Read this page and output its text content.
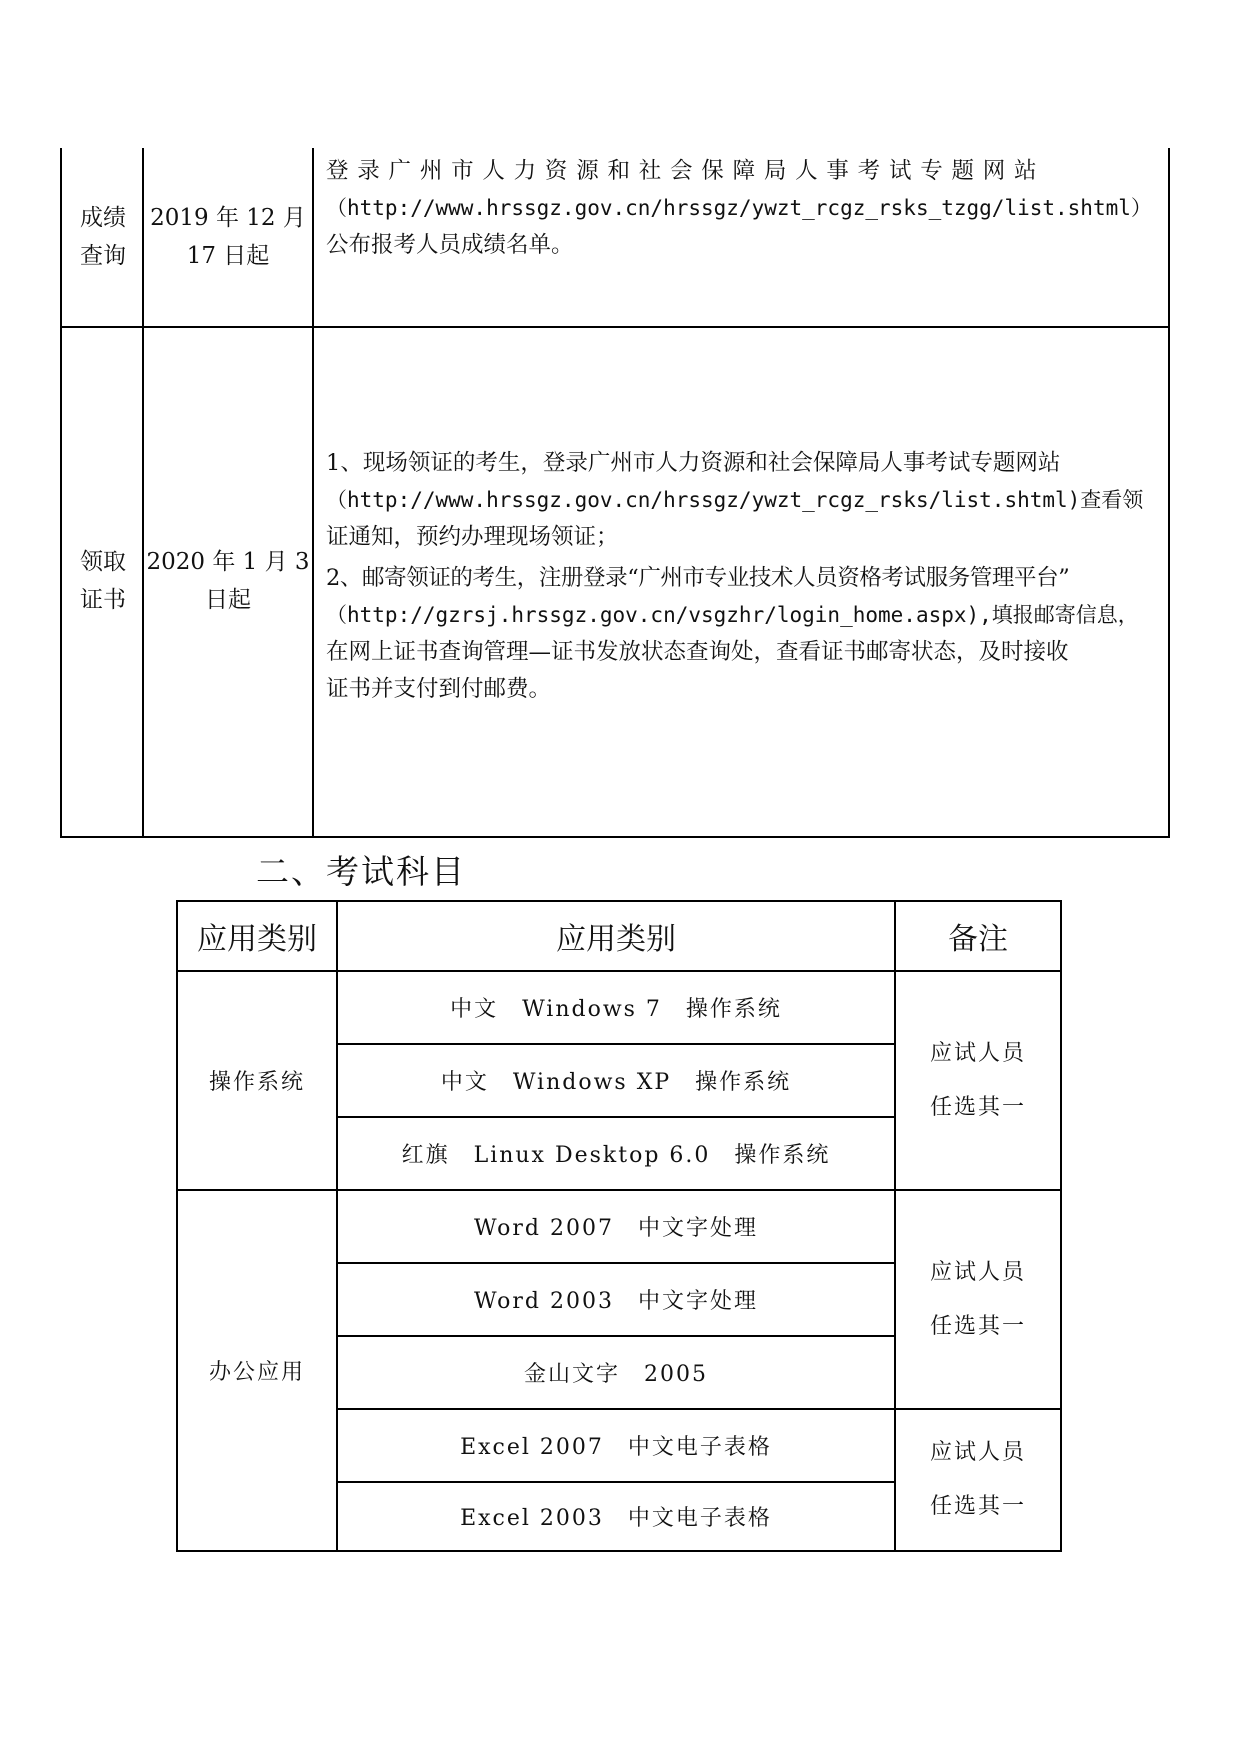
成绩
查询
2019 年 12 月
17 日起
登录广州市人力资源和社会保障局人事考试专题网站
（http://www.hrssgz.gov.cn/hrssgz/ywzt_rcgz_rsks_tzgg/list.shtml）
公布报考人员成绩名单。
领取
证书
2020 年 1 月 3
日起
1、现场领证的考生，登录广州市人力资源和社会保障局人事考试专题网站
（http://www.hrssgz.gov.cn/hrssgz/ywzt_rcgz_rsks/list.shtml)查看领
证通知，预约办理现场领证；
2、邮寄领证的考生，注册登录“广州市专业技术人员资格考试服务管理平台”
（http://gzrsj.hrssgz.gov.cn/vsgzhr/login_home.aspx),填报邮寄信息，
在网上证书查询管理—证书发放状态查询处，查看证书邮寄状态，及时接收
证书并支付到付邮费。
二、考试科目
应用类别	应用类别	备注
操作系统
办公应用
中文　Windows 7　操作系统
中文　Windows XP　操作系统
红旗　Linux Desktop 6.0　操作系统
Word 2007　中文字处理
Word 2003　中文字处理
金山文字　2005
Excel 2007　中文电子表格
Excel 2003　中文电子表格
应试人员
任选其一
应试人员
任选其一
应试人员
任选其一
